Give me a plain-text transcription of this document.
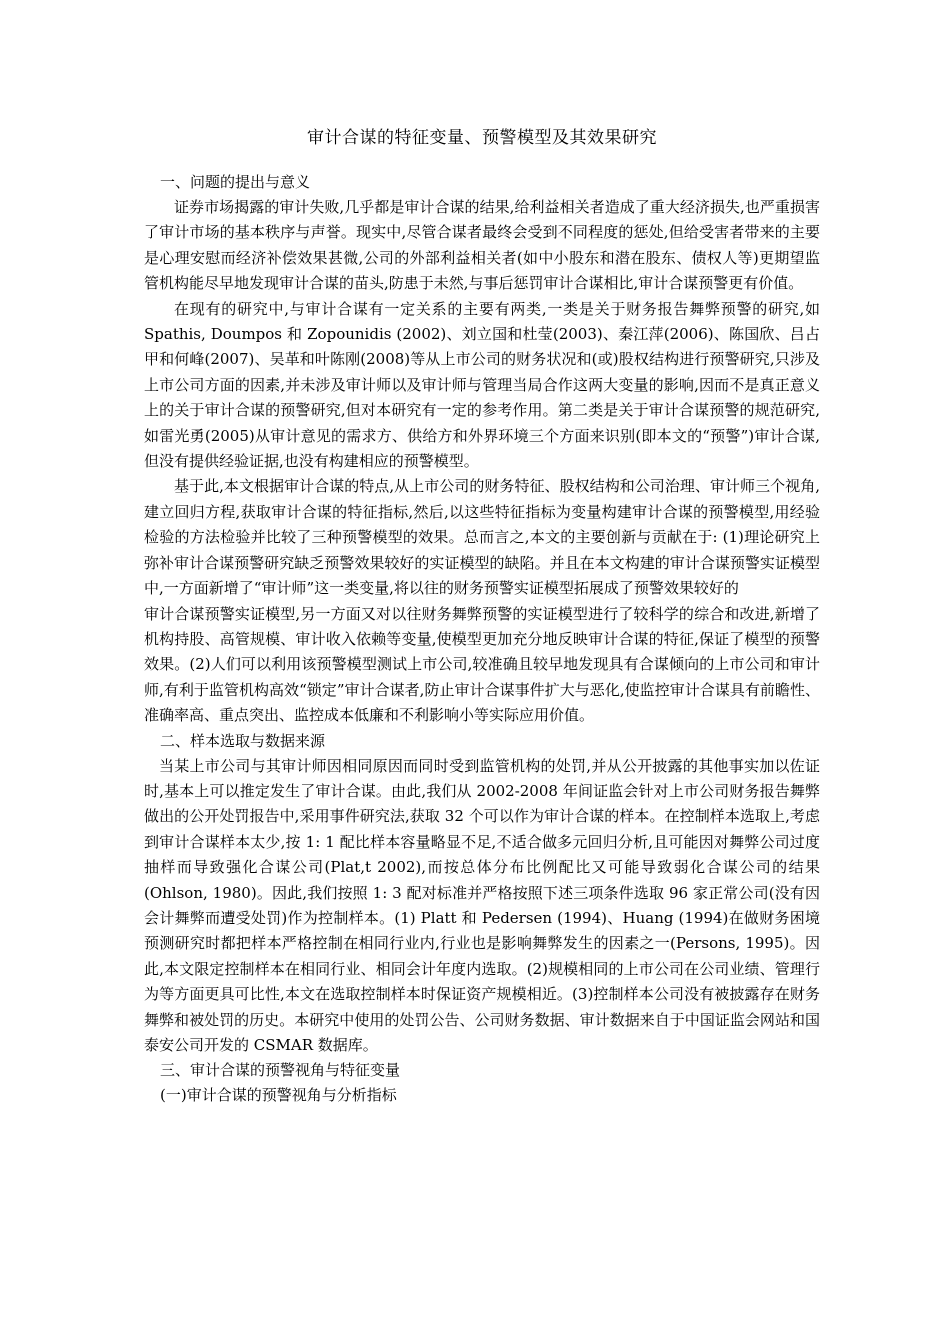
审计合谋的特征变量、预警模型及其效果研究
一、问题的提出与意义

证券市场揭露的审计失败,几乎都是审计合谋的结果,给利益相关者造成了重大经济损失,也严重损害了审计市场的基本秩序与声誉。现实中,尽管合谋者最终会受到不同程度的惩处,但给受害者带来的主要是心理安慰而经济补偿效果甚微,公司的外部利益相关者(如中小股东和潜在股东、债权人等)更期望监管机构能尽早地发现审计合谋的苗头,防患于未然,与事后惩罚审计合谋相比,审计合谋预警更有价值。

在现有的研究中,与审计合谋有一定关系的主要有两类,一类是关于财务报告舞弊预警的研究,如 Spathis, Doumpos 和 Zopounidis (2002)、刘立国和杜莹(2003)、秦江萍(2006)、陈国欣、吕占甲和何峰(2007)、吴革和叶陈刚(2008)等从上市公司的财务状况和(或)股权结构进行预警研究,只涉及上市公司方面的因素,并未涉及审计师以及审计师与管理当局合作这两大变量的影响,因而不是真正意义上的关于审计合谋的预警研究,但对本研究有一定的参考作用。第二类是关于审计合谋预警的规范研究,如雷光勇(2005)从审计意见的需求方、供给方和外界环境三个方面来识别(即本文的“预警”)审计合谋,但没有提供经验证据,也没有构建相应的预警模型。

基于此,本文根据审计合谋的特点,从上市公司的财务特征、股权结构和公司治理、审计师三个视角,建立回归方程,获取审计合谋的特征指标,然后,以这些特征指标为变量构建审计合谋的预警模型,用经验检验的方法检验并比较了三种预警模型的效果。总而言之,本文的主要创新与贡献在于: (1)理论研究上弥补审计合谋预警研究缺乏预警效果较好的实证模型的缺陷。并且在本文构建的审计合谋预警实证模型中,一方面新增了“审计师”这一类变量,将以往的财务预警实证模型拓展成了预警效果较好的

审计合谋预警实证模型,另一方面又对以往财务舞弊预警的实证模型进行了较科学的综合和改进,新增了机构持股、高管规模、审计收入依赖等变量,使模型更加充分地反映审计合谋的特征,保证了模型的预警效果。(2)人们可以利用该预警模型测试上市公司,较准确且较早地发现具有合谋倾向的上市公司和审计师,有利于监管机构高效“锁定”审计合谋者,防止审计合谋事件扩大与恶化,使监控审计合谋具有前瞻性、准确率高、重点突出、监控成本低廉和不利影响小等实际应用价值。

二、样本选取与数据来源

当某上市公司与其审计师因相同原因而同时受到监管机构的处罚,并从公开披露的其他事实加以佐证时,基本上可以推定发生了审计合谋。由此,我们从 2002-2008 年间证监会针对上市公司财务报告舞弊做出的公开处罚报告中,采用事件研究法,获取 32 个可以作为审计合谋的样本。在控制样本选取上,考虑到审计合谋样本太少,按 1: 1 配比样本容量略显不足,不适合做多元回归分析,且可能因对舞弊公司过度抽样而导致强化合谋公司(Plat,t 2002),而按总体分布比例配比又可能导致弱化合谋公司的结果(Ohlson, 1980)。因此,我们按照 1: 3 配对标准并严格按照下述三项条件选取 96 家正常公司(没有因会计舞弊而遭受处罚)作为控制样本。(1) Platt 和 Pedersen (1994)、Huang (1994)在做财务困境预测研究时都把样本严格控制在相同行业内,行业也是影响舞弊发生的因素之一(Persons, 1995)。因此,本文限定控制样本在相同行业、相同会计年度内选取。(2)规模相同的上市公司在公司业绩、管理行为等方面更具可比性,本文在选取控制样本时保证资产规模相近。(3)控制样本公司没有被披露存在财务舞弊和被处罚的历史。本研究中使用的处罚公告、公司财务数据、审计数据来自于中国证监会网站和国泰安公司开发的 CSMAR 数据库。

三、审计合谋的预警视角与特征变量
(一)审计合谋的预警视角与分析指标
